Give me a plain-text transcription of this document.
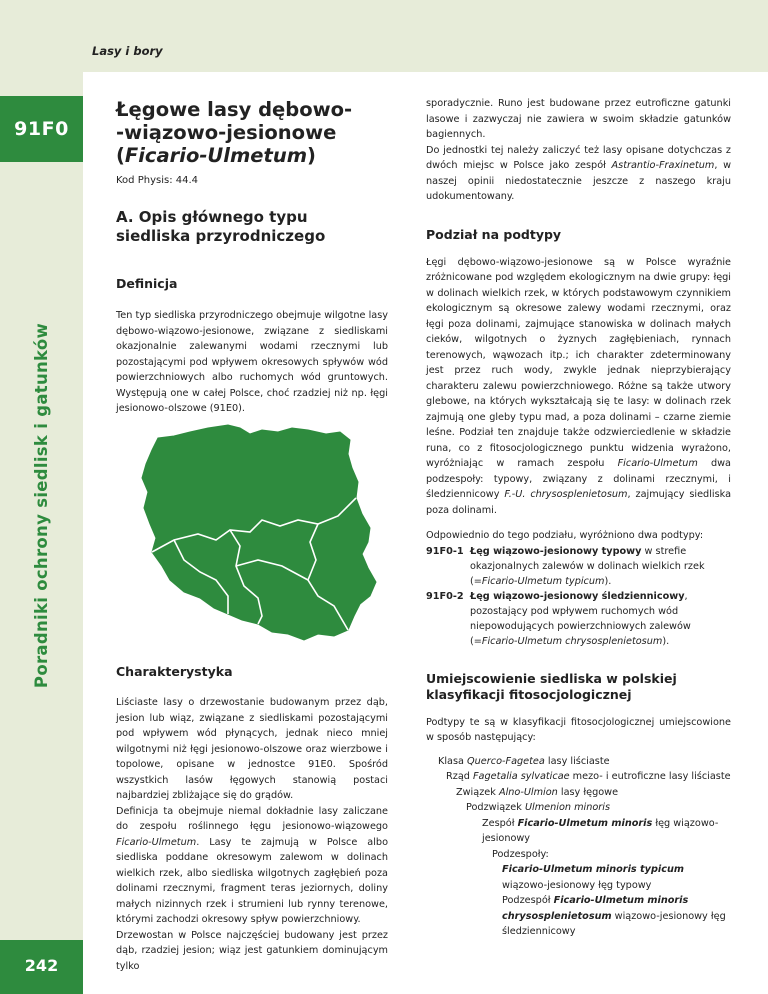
Lasy i bory
91F0
Poradniki ochrony siedlisk i gatunków
242
Łęgowe lasy dębowo-
-wiązowo-jesionowe
(Ficario-Ulmetum)
Kod Physis: 44.4
A. Opis głównego typu
siedliska przyrodniczego
Definicja

Ten typ siedliska przyrodniczego obejmuje wilgotne lasy dębowo-wiązowo-jesionowe, związane z siedliskami okazjonalnie zalewanymi wodami rzecznymi lub pozostającymi pod wpływem okresowych spływów wód powierzchniowych albo ruchomych wód gruntowych. Występują one w całej Polsce, choć rzadziej niż np. łęgi jesionowo-olszowe (91E0).

Charakterystyka

Liściaste lasy o drzewostanie budowanym przez dąb, jesion lub wiąz, związane z siedliskami pozostającymi pod wpływem wód płynących, jednak nieco mniej wilgotnymi niż łęgi jesionowo-olszowe oraz wierzbowe i topolowe, opisane w jednostce 91E0. Spośród wszystkich lasów łęgowych stanowią postaci najbardziej zbliżające się do grądów.

Definicja ta obejmuje niemal dokładnie lasy zaliczane do zespołu roślinnego łęgu jesionowo-wiązowego Ficario-Ulmetum. Lasy te zajmują w Polsce albo siedliska poddane okresowym zalewom w dolinach wielkich rzek, albo siedliska wilgotnych zagłębień poza dolinami rzecznymi, fragment teras jeziornych, doliny małych nizinnych rzek i strumieni lub rynny terenowe, którymi zachodzi okresowy spływ powierzchniowy.

Drzewostan w Polsce najczęściej budowany jest przez dąb, rzadziej jesion; wiąz jest gatunkiem dominującym tylko

sporadycznie. Runo jest budowane przez eutroficzne gatunki lasowe i zazwyczaj nie zawiera w swoim składzie gatunków bagiennych.

Do jednostki tej należy zaliczyć też lasy opisane dotychczas z dwóch miejsc w Polsce jako zespół Astrantio-Fraxinetum, w naszej opinii niedostatecznie jeszcze z naszego kraju udokumentowany.

Podział na podtypy

Łęgi dębowo-wiązowo-jesionowe są w Polsce wyraźnie zróżnicowane pod względem ekologicznym na dwie grupy: łęgi w dolinach wielkich rzek, w których podstawowym czynnikiem ekologicznym są okresowe zalewy wodami rzecznymi, oraz łęgi poza dolinami, zajmujące stanowiska w dolinach małych cieków, wilgotnych o żyznych zagłębieniach, rynnach terenowych, wąwozach itp.; ich charakter zdeterminowany jest przez ruch wody, zwykle jednak nieprzybierający charakteru zalewu powierzchniowego. Różne są także utwory glebowe, na których wykształcają się te lasy: w dolinach rzek zajmują one gleby typu mad, a poza dolinami – czarne ziemie leśne. Podział ten znajduje także odzwierciedlenie w składzie runa, co z fitosocjologicznego punktu widzenia wyrażono, wyróżniając w ramach zespołu Ficario-Ulmetum dwa podzespoły: typowy, związany z dolinami rzecznymi, i śledziennicowy F.-U. chrysosplenietosum, zajmujący siedliska poza dolinami.

Odpowiednio do tego podziału, wyróżniono dwa podtypy:

91F0-1 Łęg wiązowo-jesionowy typowy w strefie okazjonalnych zalewów w dolinach wielkich rzek (=Ficario-Ulmetum typicum).
91F0-2 Łęg wiązowo-jesionowy śledziennicowy, pozostający pod wpływem ruchomych wód niepowodujących powierzchniowych zalewów (=Ficario-Ulmetum chrysosplenietosum).
Umiejscowienie siedliska w polskiej
klasyfikacji fitosocjologicznej

Podtypy te są w klasyfikacji fitosocjologicznej umiejscowione w sposób następujący:

Klasa Querco-Fagetea lasy liściaste
Rząd Fagetalia sylvaticae mezo- i eutroficzne lasy liściaste
Związek Alno-Ulmion lasy łęgowe
Podzwiązek Ulmenion minoris
Zespół Ficario-Ulmetum minoris łęg wiązowo-jesionowy
Podzespoły:
Ficario-Ulmetum minoris typicum wiązowo-jesionowy łęg typowy
Podzespół Ficario-Ulmetum minoris chrysosplenietosum wiązowo-jesionowy łęg śledziennicowy
